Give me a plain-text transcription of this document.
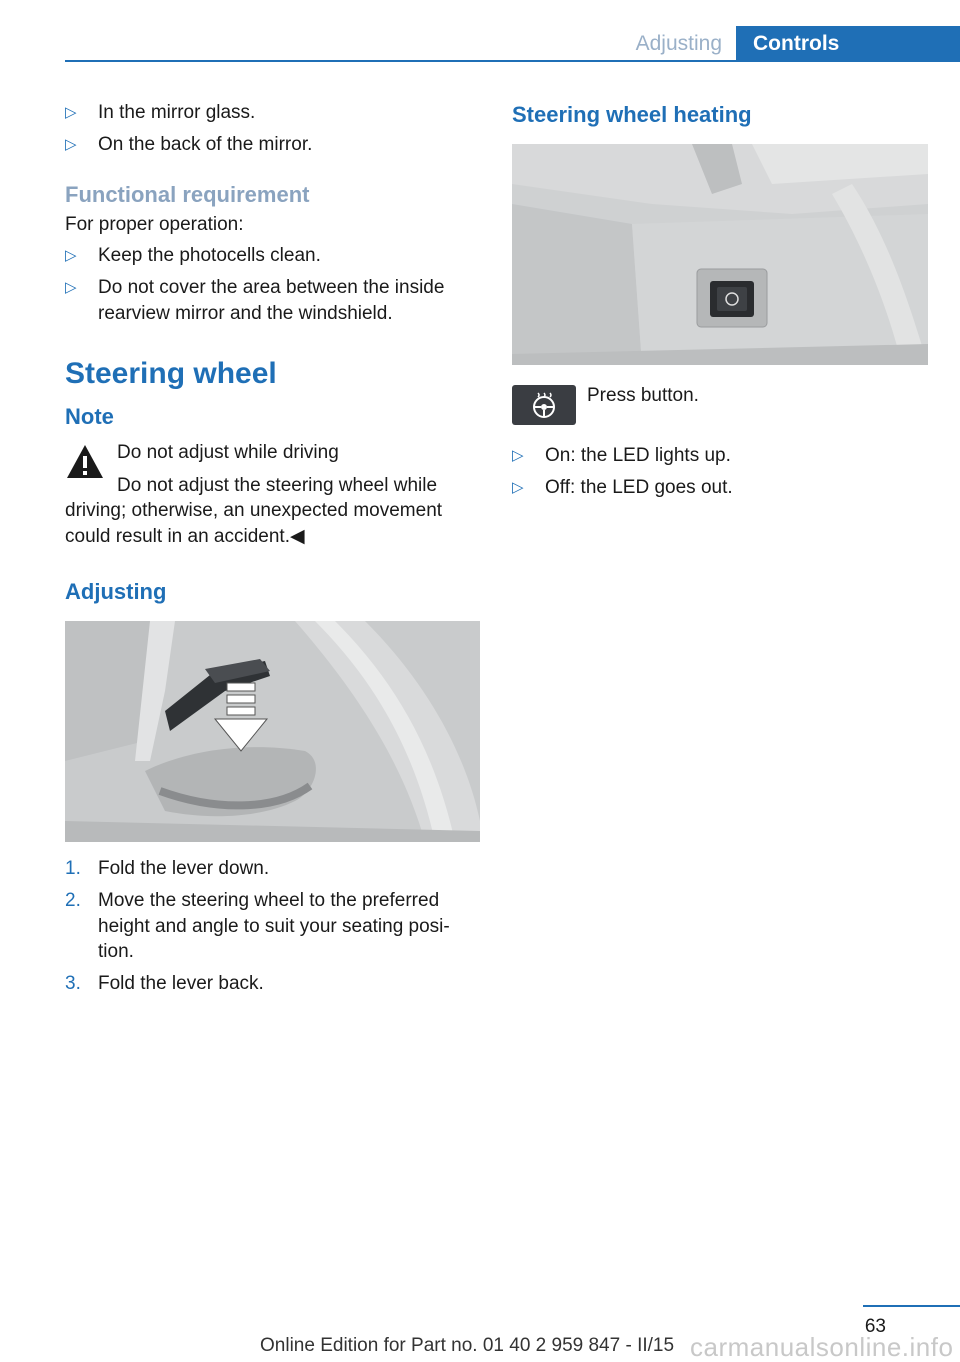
Adjusting	Controls
▷ In the mirror glass.
▷ On the back of the mirror.
Functional requirement
For proper operation:
▷ Keep the photocells clean.
▷ Do not cover the area between the inside rearview mirror and the windshield.
Steering wheel
Note
Do not adjust while driving
Do not adjust the steering wheel while
driving; otherwise, an unexpected movement could result in an accident.◀
Adjusting
1. Fold the lever down.
2. Move the steering wheel to the preferred height and angle to suit your seating posi-tion.
3. Fold the lever back.
Steering wheel heating
Press button.
▷ On: the LED lights up.
▷ Off: the LED goes out.
63
Online Edition for Part no. 01 40 2 959 847 - II/15 carmanualsonline.info
